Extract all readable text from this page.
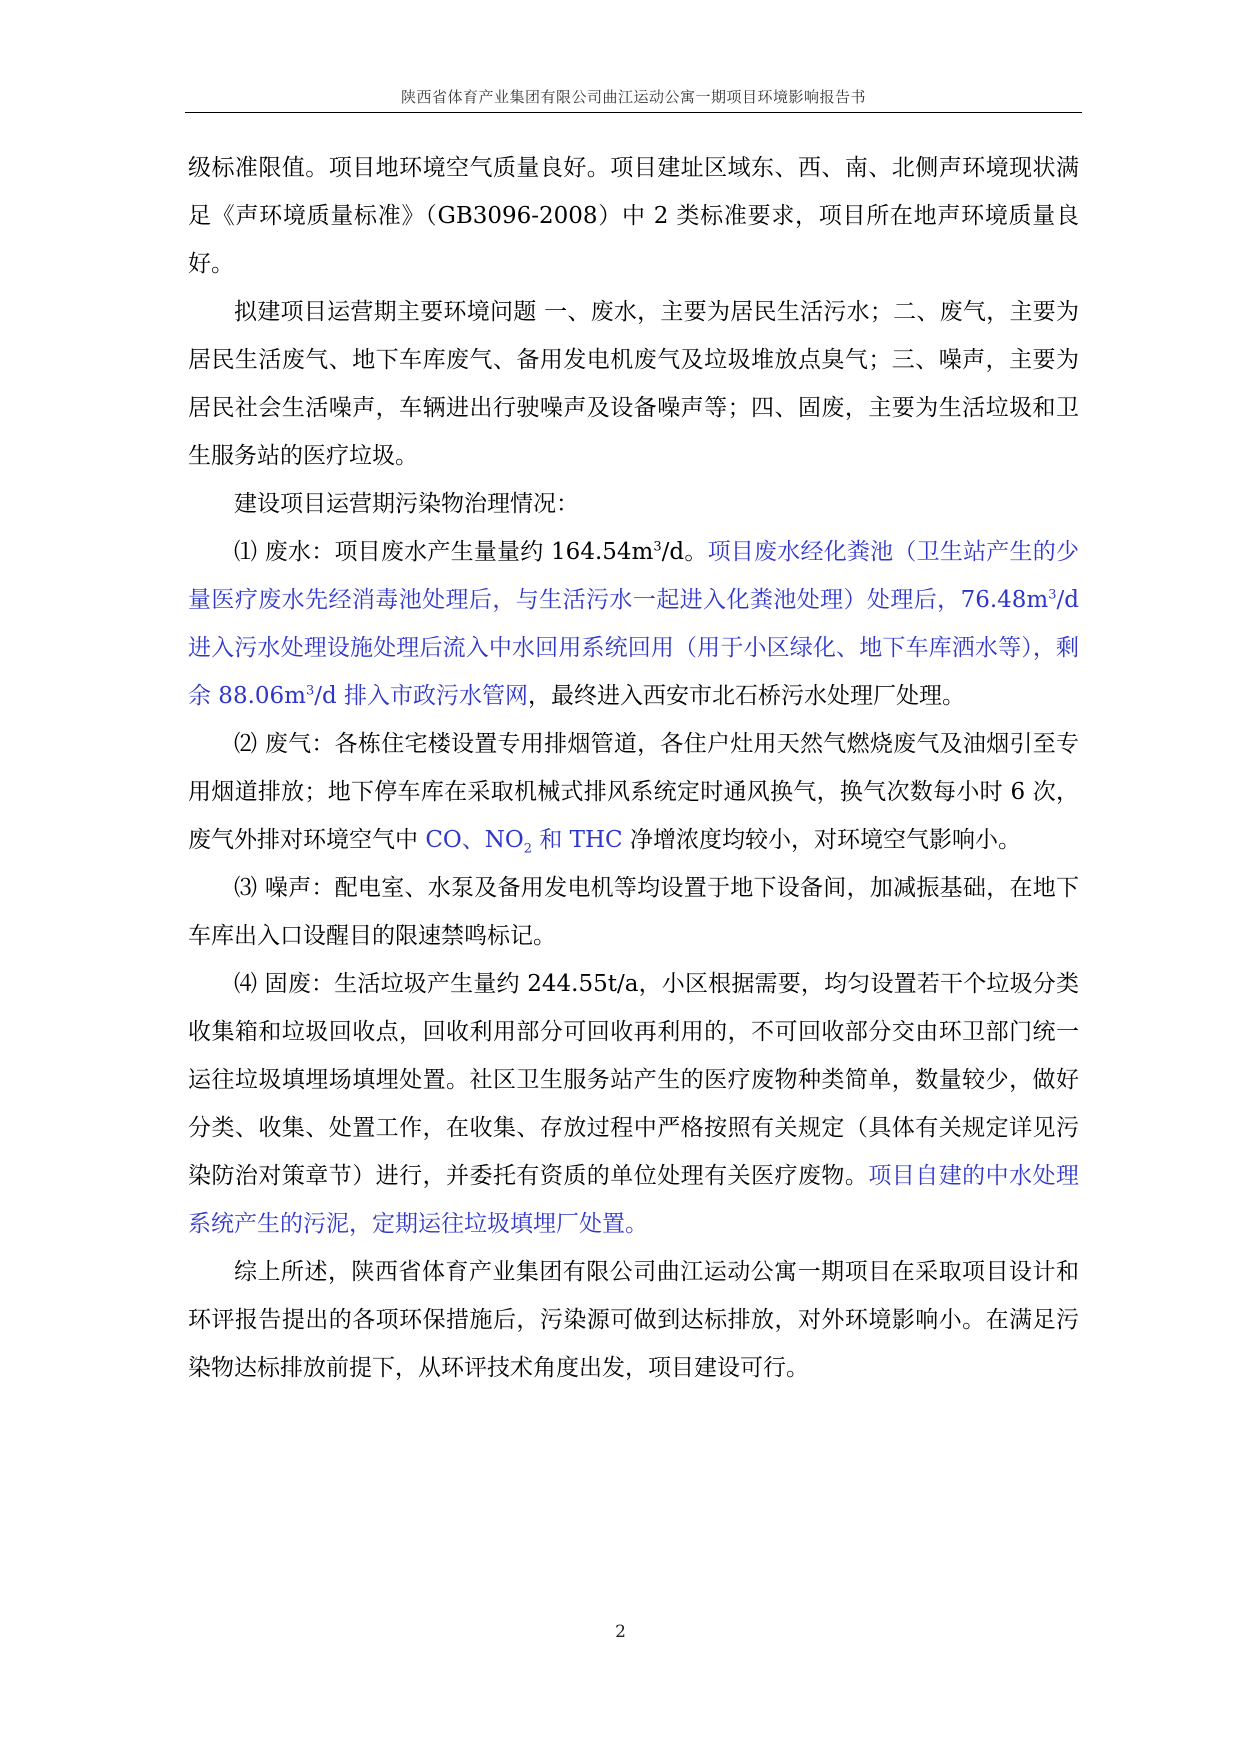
陕西省体育产业集团有限公司曲江运动公寓一期项目环境影响报告书

级标准限值。项目地环境空气质量良好。项目建址区域东、西、南、北侧声环境现状满足《声环境质量标准》（GB3096-2008）中 2 类标准要求，项目所在地声环境质量良好。

拟建项目运营期主要环境问题 一、废水，主要为居民生活污水；二、废气，主要为居民生活废气、地下车库废气、备用发电机废气及垃圾堆放点臭气；三、噪声，主要为居民社会生活噪声，车辆进出行驶噪声及设备噪声等；四、固废，主要为生活垃圾和卫生服务站的医疗垃圾。

建设项目运营期污染物治理情况：

⑴ 废水：项目废水产生量量约 $164.54m^3/d$。项目废水经化粪池（卫生站产生的少量医疗废水先经消毒池处理后，与生活污水一起进入化粪池处理）处理后，$76.48m^3/d$ 进入污水处理设施处理后流入中水回用系统回用（用于小区绿化、地下车库洒水等），剩余 $88.06m^3/d$ 排入市政污水管网，最终进入西安市北石桥污水处理厂处理。

⑵ 废气：各栋住宅楼设置专用排烟管道，各住户灶用天然气燃烧废气及油烟引至专用烟道排放；地下停车库在采取机械式排风系统定时通风换气，换气次数每小时 6 次，废气外排对环境空气中 CO、$NO_2$ 和 THC 净增浓度均较小，对环境空气影响小。

⑶ 噪声：配电室、水泵及备用发电机等均设置于地下设备间，加减振基础，在地下车库出入口设醒目的限速禁鸣标记。

⑷ 固废：生活垃圾产生量约 244.55t/a，小区根据需要，均匀设置若干个垃圾分类收集箱和垃圾回收点，回收利用部分可回收再利用的，不可回收部分交由环卫部门统一运往垃圾填埋场填埋处置。社区卫生服务站产生的医疗废物种类简单，数量较少，做好分类、收集、处置工作，在收集、存放过程中严格按照有关规定（具体有关规定详见污染防治对策章节）进行，并委托有资质的单位处理有关医疗废物。项目自建的中水处理系统产生的污泥，定期运往垃圾填埋厂处置。

综上所述，陕西省体育产业集团有限公司曲江运动公寓一期项目在采取项目设计和环评报告提出的各项环保措施后，污染源可做到达标排放，对外环境影响小。在满足污染物达标排放前提下，从环评技术角度出发，项目建设可行。

2
